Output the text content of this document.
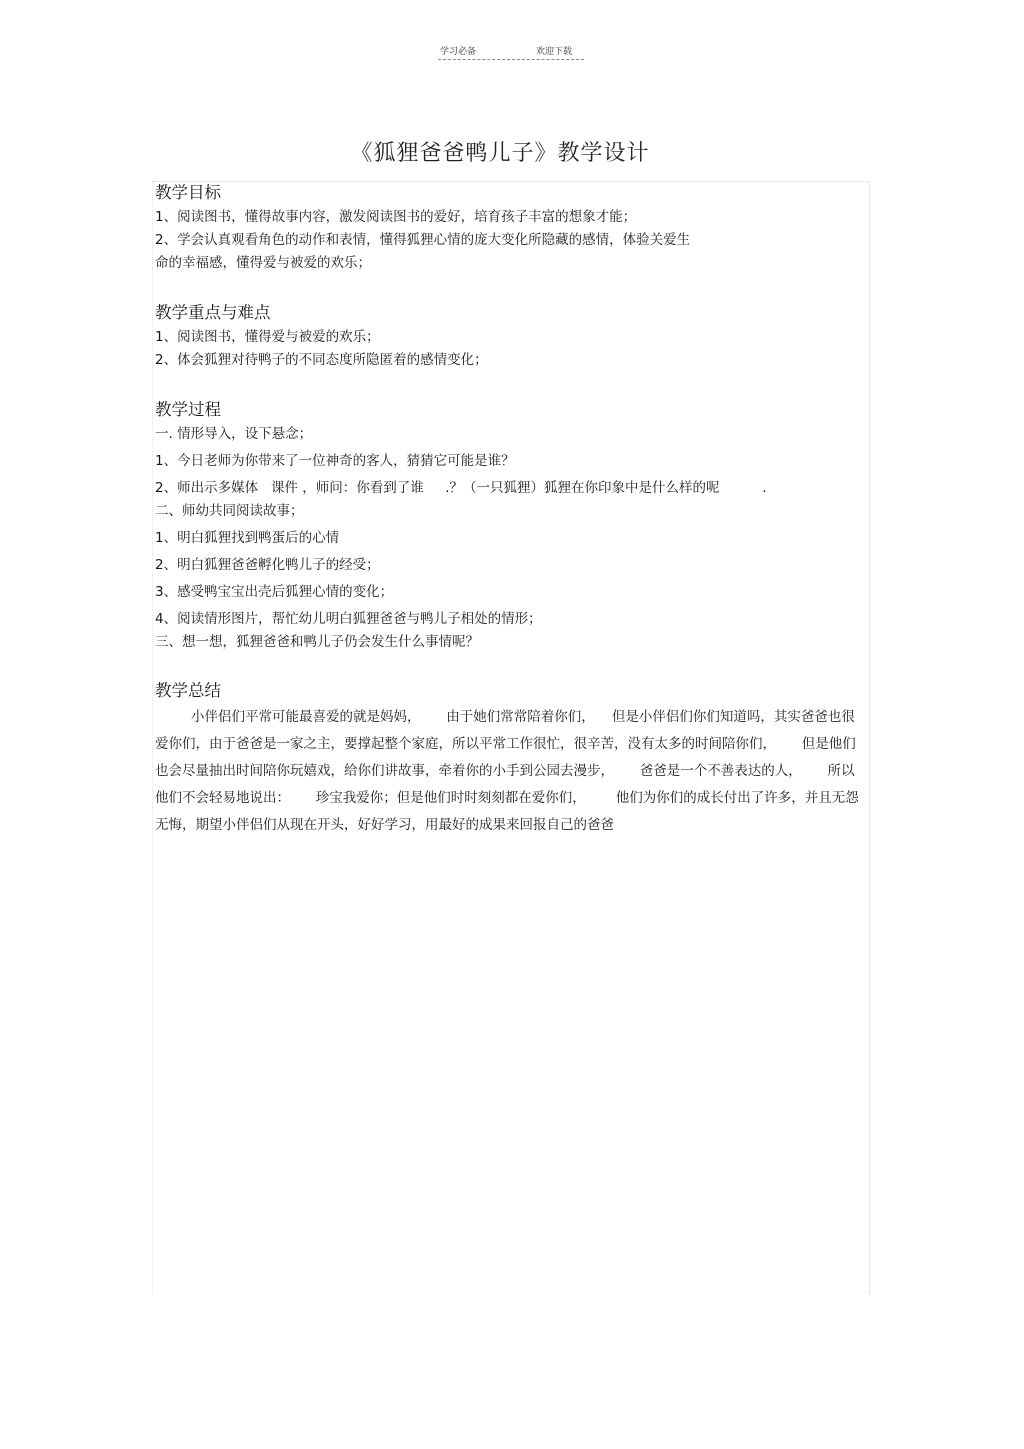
学习必备	欢迎下载
《狐狸爸爸鸭儿子》教学设计

教学目标

1、阅读图书，懂得故事内容，激发阅读图书的爱好，培育孩子丰富的想象才能；

2、学会认真观看角色的动作和表情，懂得狐狸心情的庞大变化所隐藏的感情，体验关爱生

命的幸福感，懂得爱与被爱的欢乐；

教学重点与难点

1、阅读图书，懂得爱与被爱的欢乐；

2、体会狐狸对待鸭子的不同态度所隐匿着的感情变化；

教学过程

一. 情形导入，设下悬念；

1、今日老师为你带来了一位神奇的客人，猜猜它可能是谁？

2、师出示多媒体   课件 ，师问：你看到了谁     .？（一只狐狸）狐狸在你印象中是什么样的呢          .

二、师幼共同阅读故事；

1、明白狐狸找到鸭蛋后的心情

2、明白狐狸爸爸孵化鸭儿子的经受；

3、感受鸭宝宝出壳后狐狸心情的变化；

4、阅读情形图片，帮忙幼儿明白狐狸爸爸与鸭儿子相处的情形；

三、想一想，狐狸爸爸和鸭儿子仍会发生什么事情呢？

教学总结

小伴侣们平常可能最喜爱的就是妈妈，      由于她们常常陪着你们，    但是小伴侣们你们知道吗，其实爸爸也很爱你们，由于爸爸是一家之主，要撑起整个家庭，所以平常工作很忙，很辛苦，没有太多的时间陪你们，      但是他们也会尽量抽出时间陪你玩嬉戏，给你们讲故事，牵着你的小手到公园去漫步，      爸爸是一个不善表达的人，      所以他们不会轻易地说出：      珍宝我爱你；但是他们时时刻刻都在爱你们，       他们为你们的成长付出了许多，并且无怨无悔，期望小伴侣们从现在开头，好好学习，用最好的成果来回报自己的爸爸
